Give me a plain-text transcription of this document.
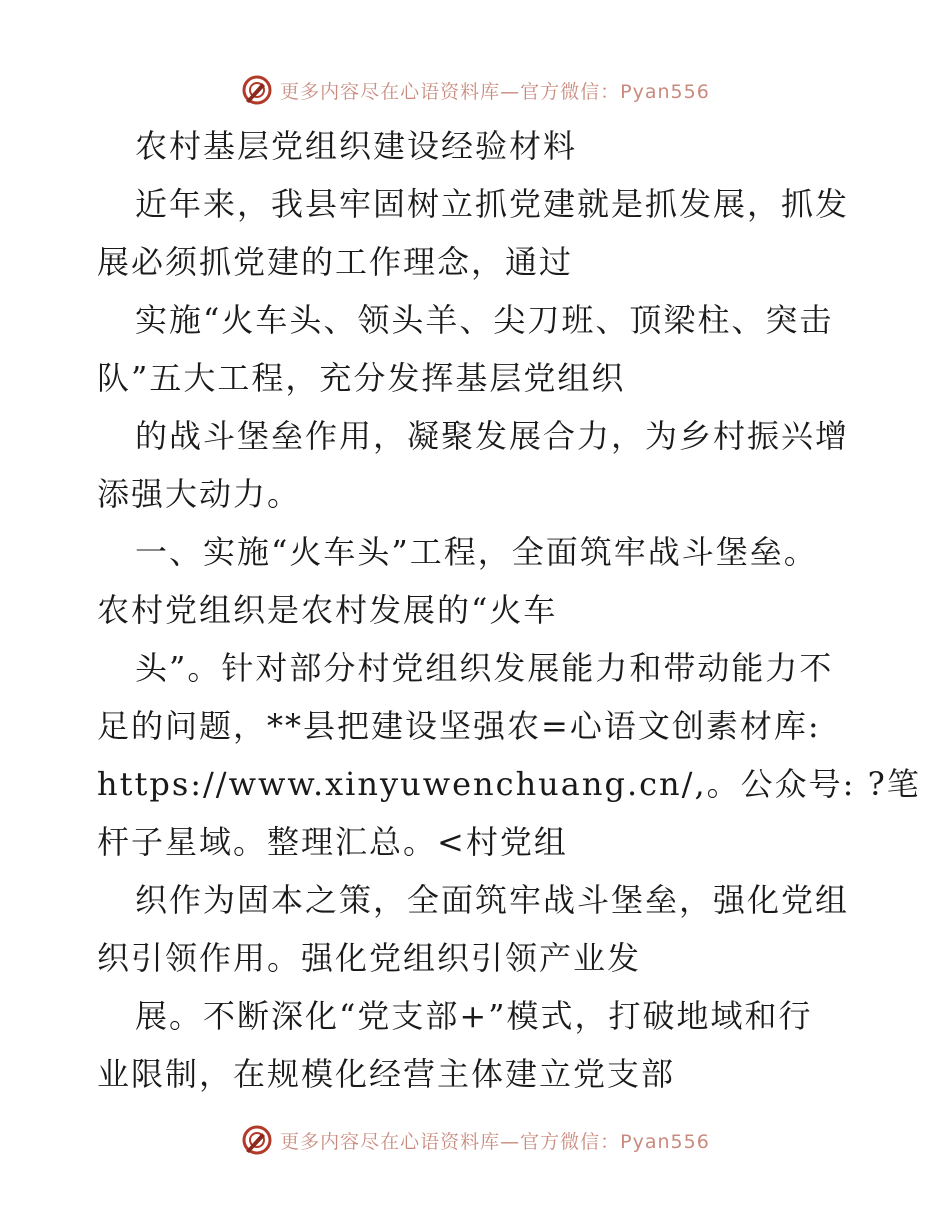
更多内容尽在心语资料库—官方微信：Pyan556
农村基层党组织建设经验材料
近年来，我县牢固树立抓党建就是抓发展，抓发
展必须抓党建的工作理念，通过
实施“火车头、领头羊、尖刀班、顶梁柱、突击
队”五大工程，充分发挥基层党组织
的战斗堡垒作用，凝聚发展合力，为乡村振兴增
添强大动力。
一、实施“火车头”工程，全面筑牢战斗堡垒。
农村党组织是农村发展的“火车
头”。针对部分村党组织发展能力和带动能力不
足的问题，**县把建设坚强农=心语文创素材库:
https://www.xinyuwenchuang.cn/,。公众号: ?笔
杆子星域。整理汇总。<村党组
织作为固本之策，全面筑牢战斗堡垒，强化党组
织引领作用。强化党组织引领产业发
展。不断深化“党支部+”模式，打破地域和行
业限制，在规模化经营主体建立党支部
更多内容尽在心语资料库—官方微信：Pyan556
